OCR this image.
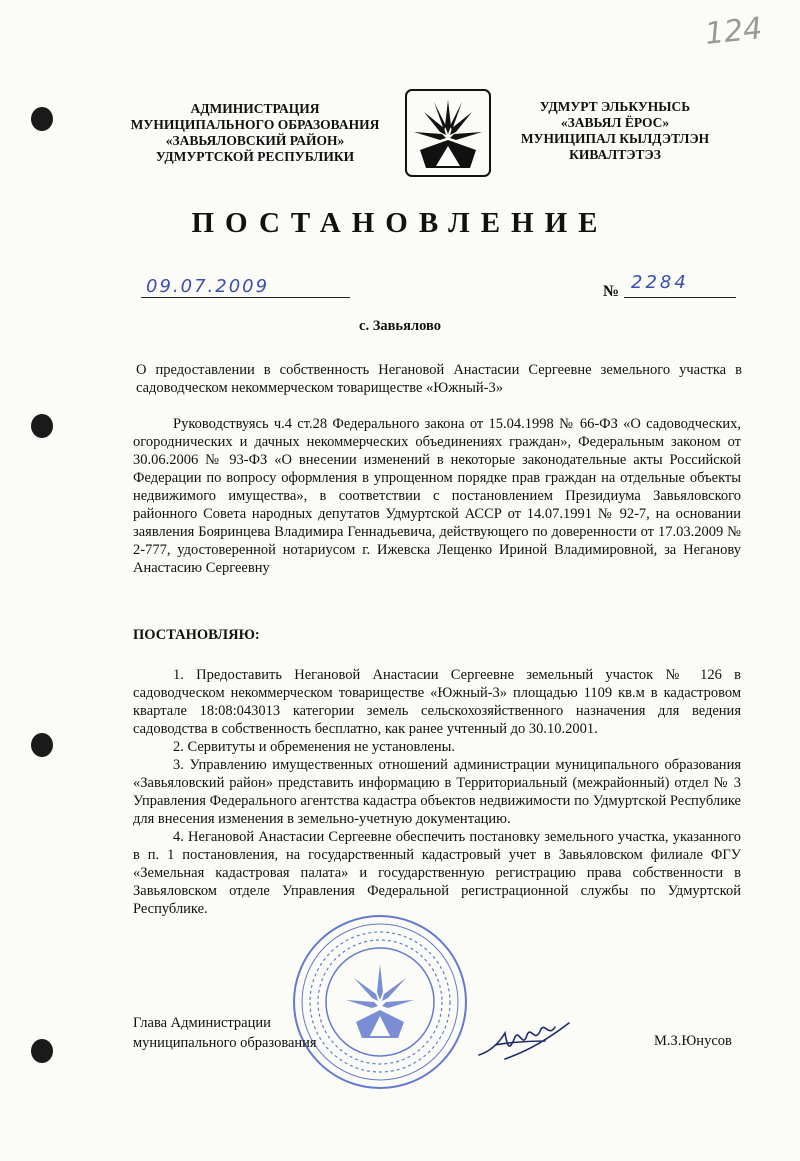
124
АДМИНИСТРАЦИЯ
МУНИЦИПАЛЬНОГО ОБРАЗОВАНИЯ
«ЗАВЬЯЛОВСКИЙ РАЙОН»
УДМУРТСКОЙ РЕСПУБЛИКИ
УДМУРТ ЭЛЬКУНЫСЬ
«ЗАВЬЯЛ ЁРОС»
МУНИЦИПАЛ КЫЛДЭТЛЭН
КИВАЛТЭТЭЗ
ПОСТАНОВЛЕНИЕ
09.07.2009	№ 2284
с. Завьялово
О предоставлении в собственность Негановой Анастасии Сергеевне земельного участка в садоводческом некоммерческом товариществе «Южный-3»

Руководствуясь ч.4 ст.28 Федерального закона от 15.04.1998 № 66-ФЗ «О садоводческих, огороднических и дачных некоммерческих объединениях граждан», Федеральным законом от 30.06.2006 № 93-ФЗ «О внесении изменений в некоторые законодательные акты Российской Федерации по вопросу оформления в упрощенном порядке прав граждан на отдельные объекты недвижимого имущества», в соответствии с постановлением Президиума Завьяловского районного Совета народных депутатов Удмуртской АССР от 14.07.1991 № 92-7, на основании заявления Бояринцева Владимира Геннадьевича, действующего по доверенности от 17.03.2009 № 2-777, удостоверенной нотариусом г. Ижевска Лещенко Ириной Владимировной, за Неганову Анастасию Сергеевну

ПОСТАНОВЛЯЮ:

1. Предоставить Негановой Анастасии Сергеевне земельный участок № 126 в садоводческом некоммерческом товариществе «Южный-3» площадью 1109 кв.м в кадастровом квартале 18:08:043013 категории земель сельскохозяйственного назначения для ведения садоводства в собственность бесплатно, как ранее учтенный до 30.10.2001.

2. Сервитуты и обременения не установлены.

3. Управлению имущественных отношений администрации муниципального образования «Завьяловский район» представить информацию в Территориальный (межрайонный) отдел № 3 Управления Федерального агентства кадастра объектов недвижимости по Удмуртской Республике для внесения изменения в земельно-учетную документацию.

4. Негановой Анастасии Сергеевне обеспечить постановку земельного участка, указанного в п. 1 постановления, на государственный кадастровый учет в Завьяловском филиале ФГУ «Земельная кадастровая палата» и государственную регистрацию права собственности в Завьяловском отделе Управления Федеральной регистрационной службы по Удмуртской Республике.

Глава Администрации
муниципального образования	М.З.Юнусов
